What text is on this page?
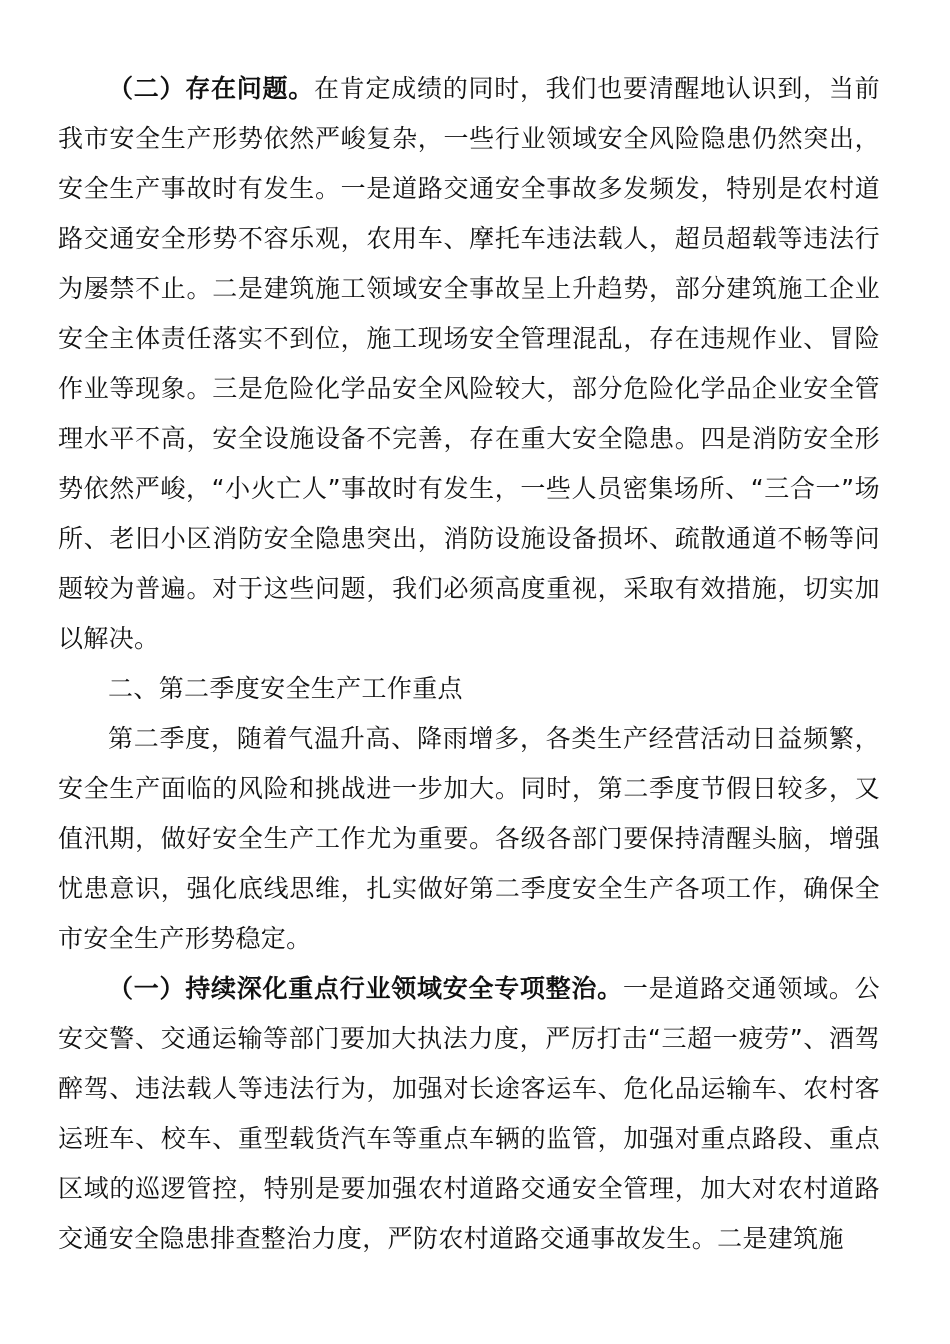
（二）存在问题。在肯定成绩的同时，我们也要清醒地认识到，当前我市安全生产形势依然严峻复杂，一些行业领域安全风险隐患仍然突出，安全生产事故时有发生。一是道路交通安全事故多发频发，特别是农村道路交通安全形势不容乐观，农用车、摩托车违法载人，超员超载等违法行为屡禁不止。二是建筑施工领域安全事故呈上升趋势，部分建筑施工企业安全主体责任落实不到位，施工现场安全管理混乱，存在违规作业、冒险作业等现象。三是危险化学品安全风险较大，部分危险化学品企业安全管理水平不高，安全设施设备不完善，存在重大安全隐患。四是消防安全形势依然严峻，“小火亡人”事故时有发生，一些人员密集场所、“三合一”场所、老旧小区消防安全隐患突出，消防设施设备损坏、疏散通道不畅等问题较为普遍。对于这些问题，我们必须高度重视，采取有效措施，切实加以解决。

二、第二季度安全生产工作重点

第二季度，随着气温升高、降雨增多，各类生产经营活动日益频繁，安全生产面临的风险和挑战进一步加大。同时，第二季度节假日较多，又值汛期，做好安全生产工作尤为重要。各级各部门要保持清醒头脑，增强忧患意识，强化底线思维，扎实做好第二季度安全生产各项工作，确保全市安全生产形势稳定。

（一）持续深化重点行业领域安全专项整治。一是道路交通领域。公安交警、交通运输等部门要加大执法力度，严厉打击“三超一疲劳”、酒驾醉驾、违法载人等违法行为，加强对长途客运车、危化品运输车、农村客运班车、校车、重型载货汽车等重点车辆的监管，加强对重点路段、重点区域的巡逻管控，特别是要加强农村道路交通安全管理，加大对农村道路交通安全隐患排查整治力度，严防农村道路交通事故发生。二是建筑施
